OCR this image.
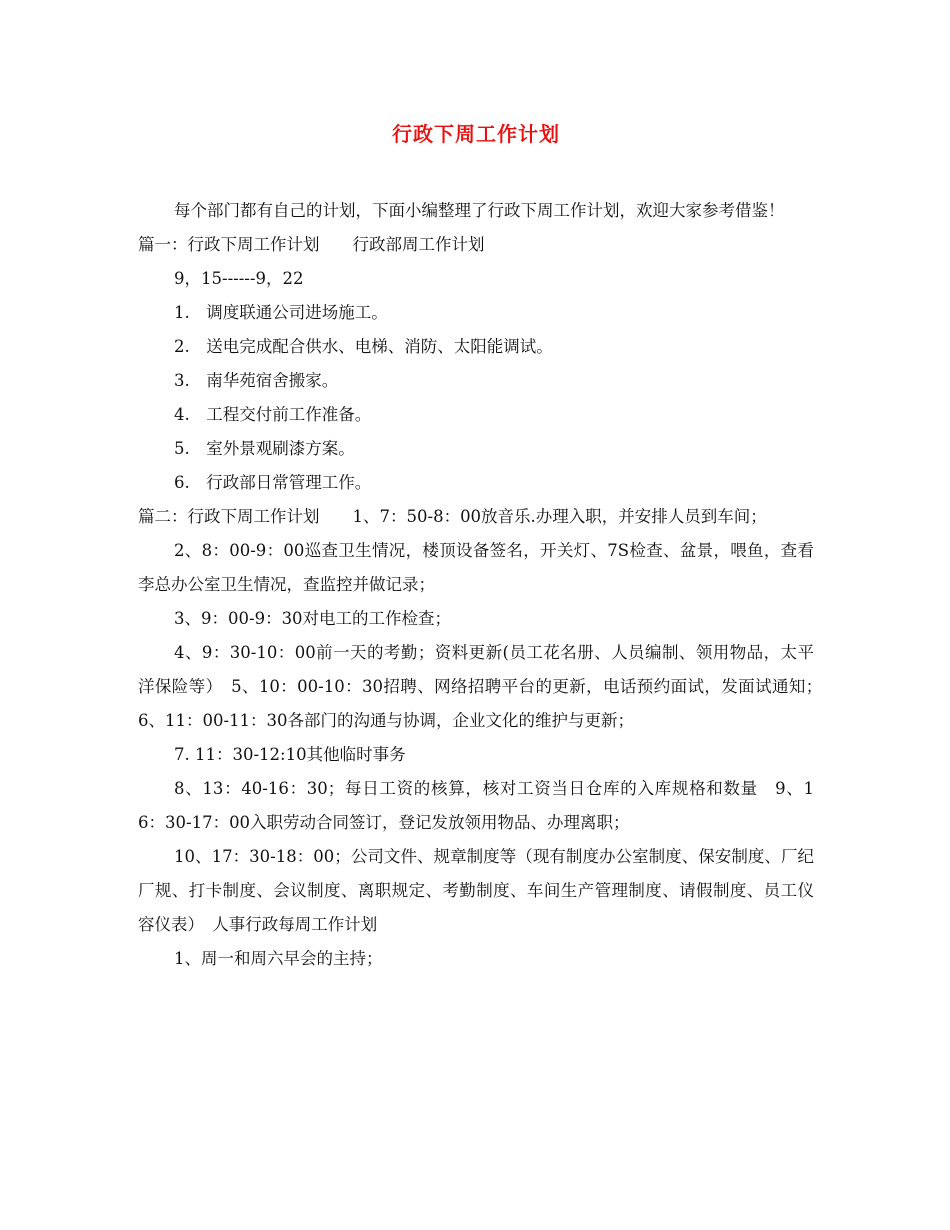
行政下周工作计划

每个部门都有自己的计划，下面小编整理了行政下周工作计划，欢迎大家参考借鉴！

篇一：行政下周工作计划　　行政部周工作计划

9，15------9，22

1.　调度联通公司进场施工。

2.　送电完成配合供水、电梯、消防、太阳能调试。

3.　南华苑宿舍搬家。

4.　工程交付前工作准备。

5.　室外景观刷漆方案。

6.　行政部日常管理工作。

篇二：行政下周工作计划　　1、7：50-8：00放音乐.办理入职，并安排人员到车间；

2、8：00-9：00巡查卫生情况，楼顶设备签名，开关灯、7S检查、盆景，喂鱼，查看李总办公室卫生情况，查监控并做记录；

3、9：00-9：30对电工的工作检查；

4、9：30-10：00前一天的考勤；资料更新(员工花名册、人员编制、领用物品，太平洋保险等）　5、10：00-10：30招聘、网络招聘平台的更新，电话预约面试，发面试通知；　6、11：00-11：30各部门的沟通与协调，企业文化的维护与更新；

7. 11：30-12:10其他临时事务

8、13：40-16：30；每日工资的核算，核对工资当日仓库的入库规格和数量　9、16：30-17：00入职劳动合同签订，登记发放领用物品、办理离职；

10、17：30-18：00；公司文件、规章制度等（现有制度办公室制度、保安制度、厂纪厂规、打卡制度、会议制度、离职规定、考勤制度、车间生产管理制度、请假制度、员工仪容仪表）　人事行政每周工作计划

1、周一和周六早会的主持；
